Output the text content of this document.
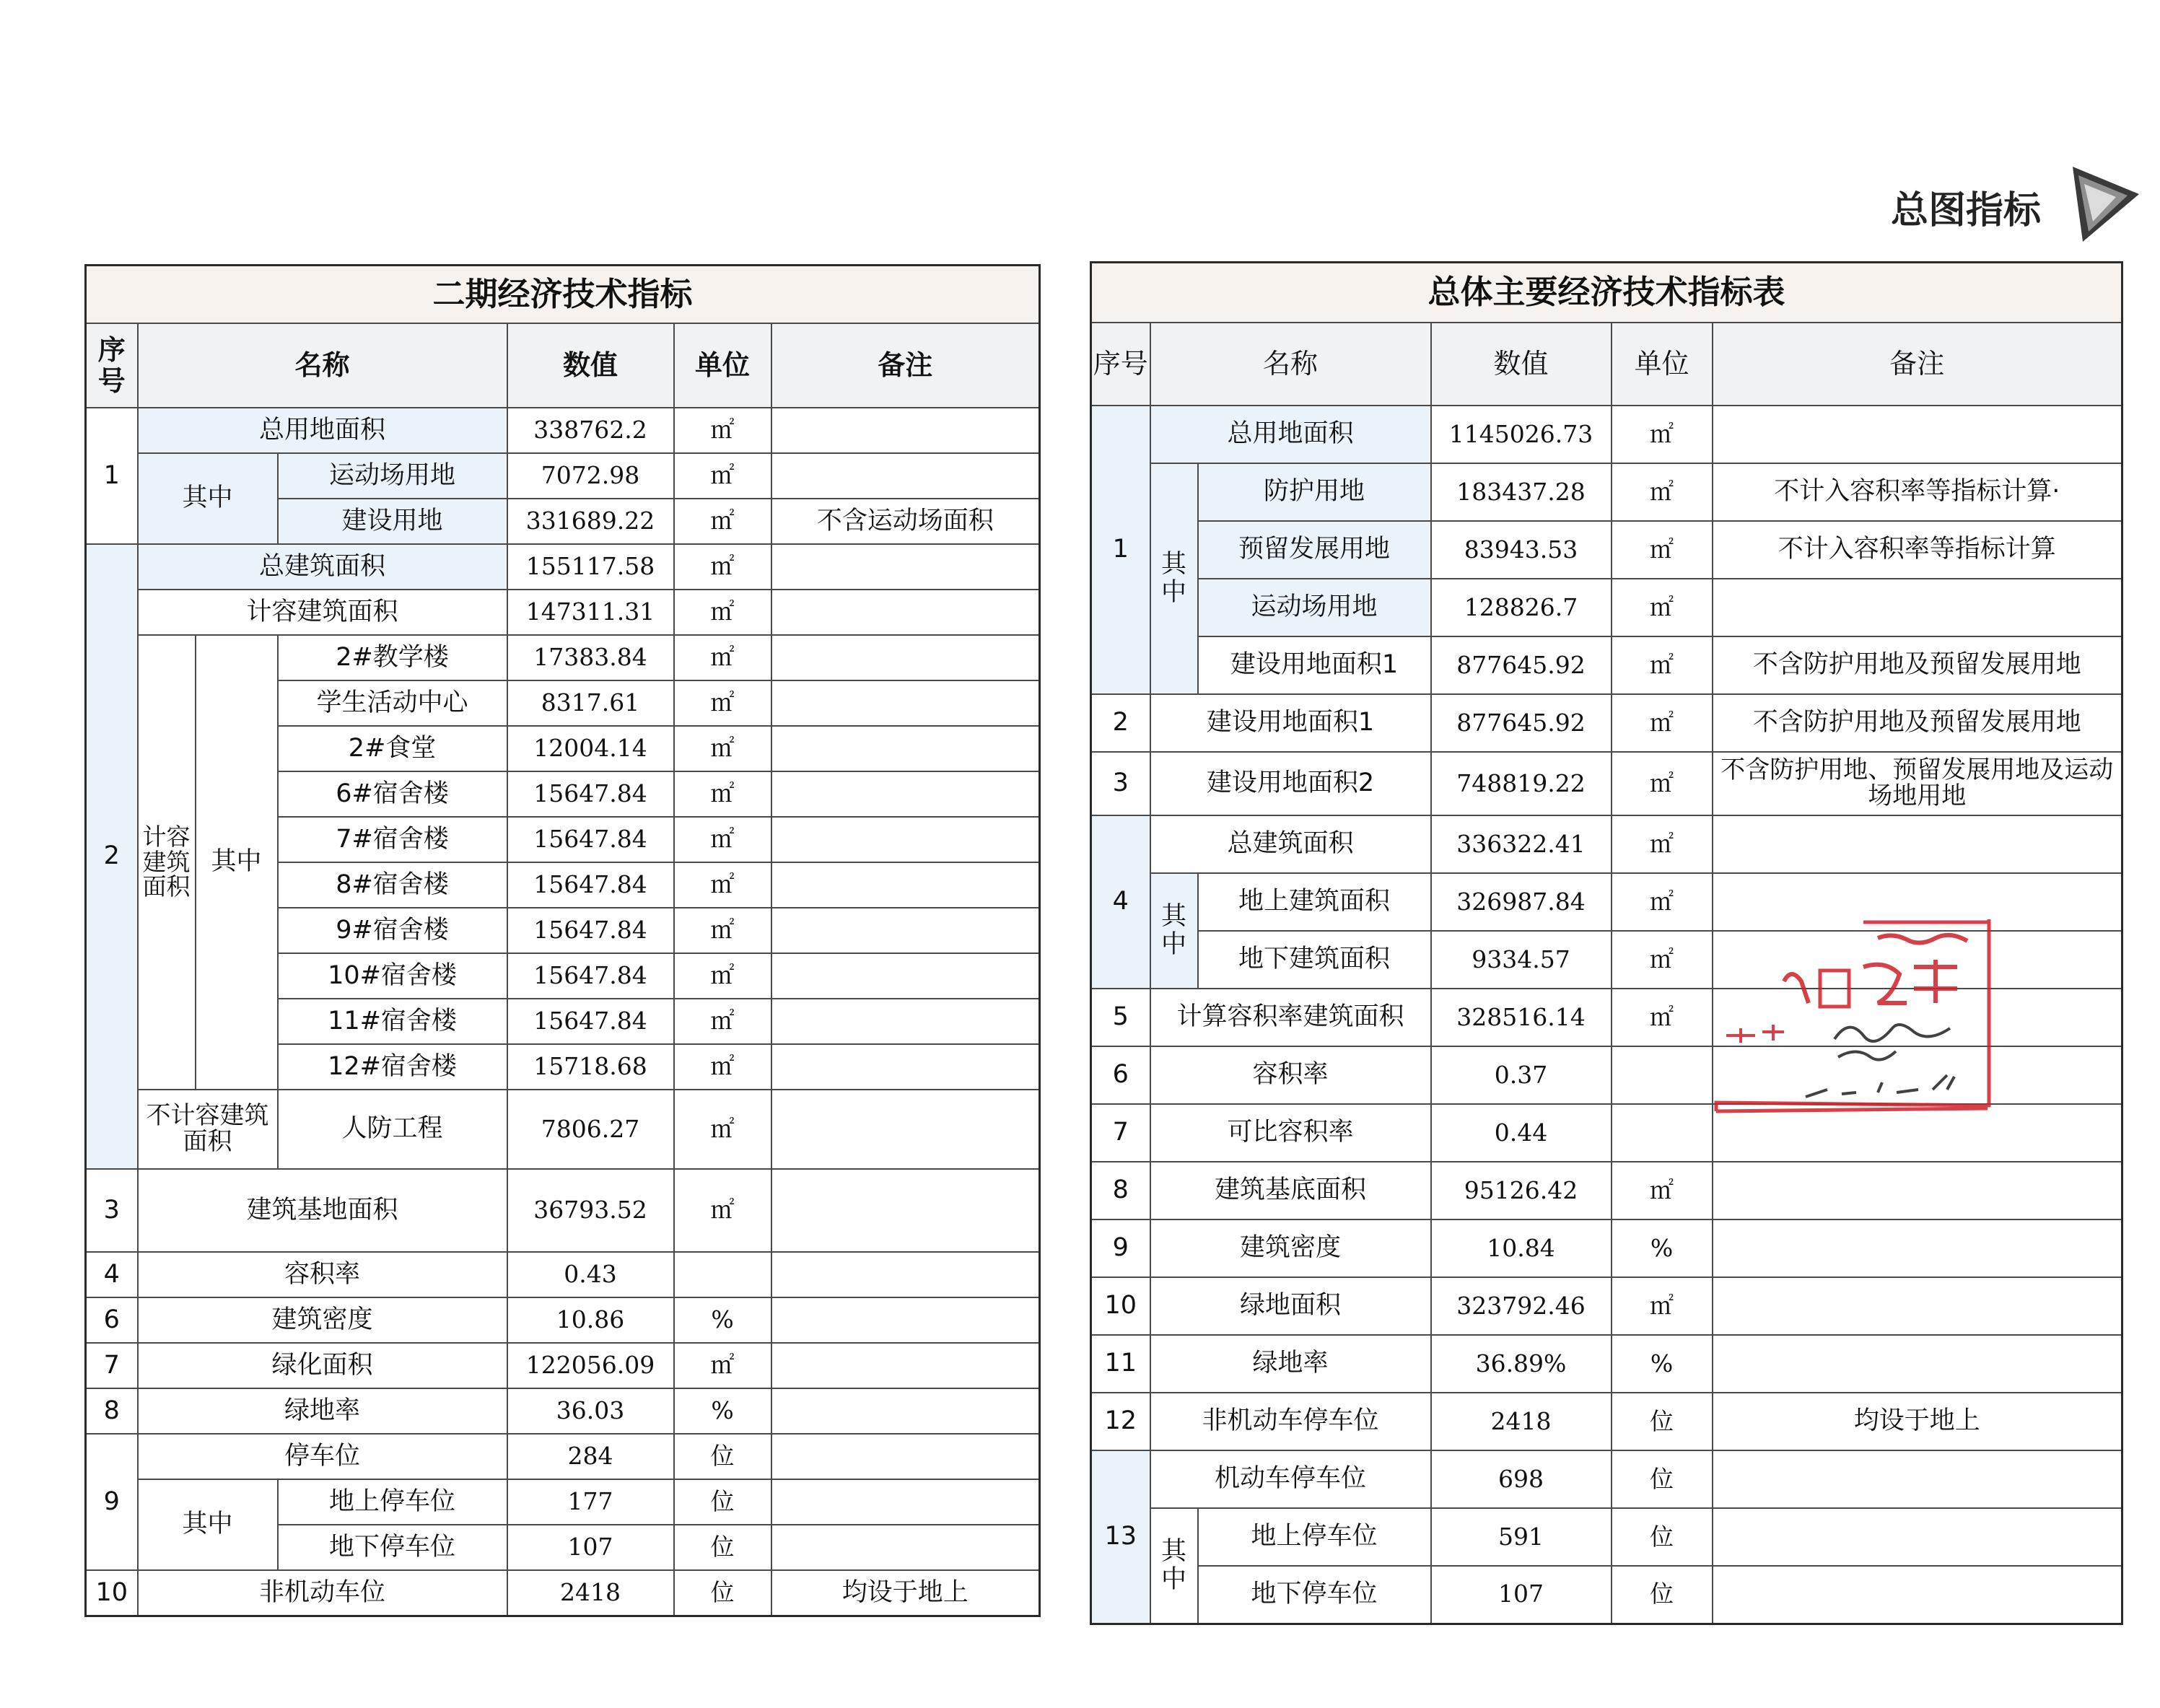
总图指标
二期经济技术指标						
序号	名称			数值	单位	备注
1	总用地面积			338762.2	㎡	
	其中		运动场用地	7072.98	㎡	
			建设用地	331689.22	㎡	不含运动场面积
2	总建筑面积			155117.58	㎡	
	计容建筑面积			147311.31	㎡	
	计容建筑面积	其中	2#教学楼	17383.84	㎡	
			学生活动中心	8317.61	㎡	
			2#食堂	12004.14	㎡	
			6#宿舍楼	15647.84	㎡	
			7#宿舍楼	15647.84	㎡	
			8#宿舍楼	15647.84	㎡	
			9#宿舍楼	15647.84	㎡	
			10#宿舍楼	15647.84	㎡	
			11#宿舍楼	15647.84	㎡	
			12#宿舍楼	15718.68	㎡	
	不计容建筑面积		人防工程	7806.27	㎡	
3	建筑基地面积			36793.52	㎡	
4	容积率			0.43		
6	建筑密度			10.86	%	
7	绿化面积			122056.09	㎡	
8	绿地率			36.03	%	
9	停车位			284	位	
	其中		地上停车位	177	位	
			地下停车位	107	位	
10	非机动车位			2418	位	均设于地上
总体主要经济技术指标表					
序号	名称		数值	单位	备注
1	总用地面积		1145026.73	㎡	
	其中	防护用地	183437.28	㎡	不计入容积率等指标计算·
		预留发展用地	83943.53	㎡	不计入容积率等指标计算
		运动场用地	128826.7	㎡	
		建设用地面积1	877645.92	㎡	不含防护用地及预留发展用地
2	建设用地面积1		877645.92	㎡	不含防护用地及预留发展用地
3	建设用地面积2		748819.22	㎡	不含防护用地、预留发展用地及运动场地用地
4	总建筑面积		336322.41	㎡	
	其中	地上建筑面积	326987.84	㎡	
		地下建筑面积	9334.57	㎡	
5	计算容积率建筑面积		328516.14	㎡	
6	容积率		0.37		
7	可比容积率		0.44		
8	建筑基底面积		95126.42	㎡	
9	建筑密度		10.84	%	
10	绿地面积		323792.46	㎡	
11	绿地率		36.89%	%	
12	非机动车停车位		2418	位	均设于地上
13	机动车停车位		698	位	
	其中	地上停车位	591	位	
		地下停车位	107	位	
